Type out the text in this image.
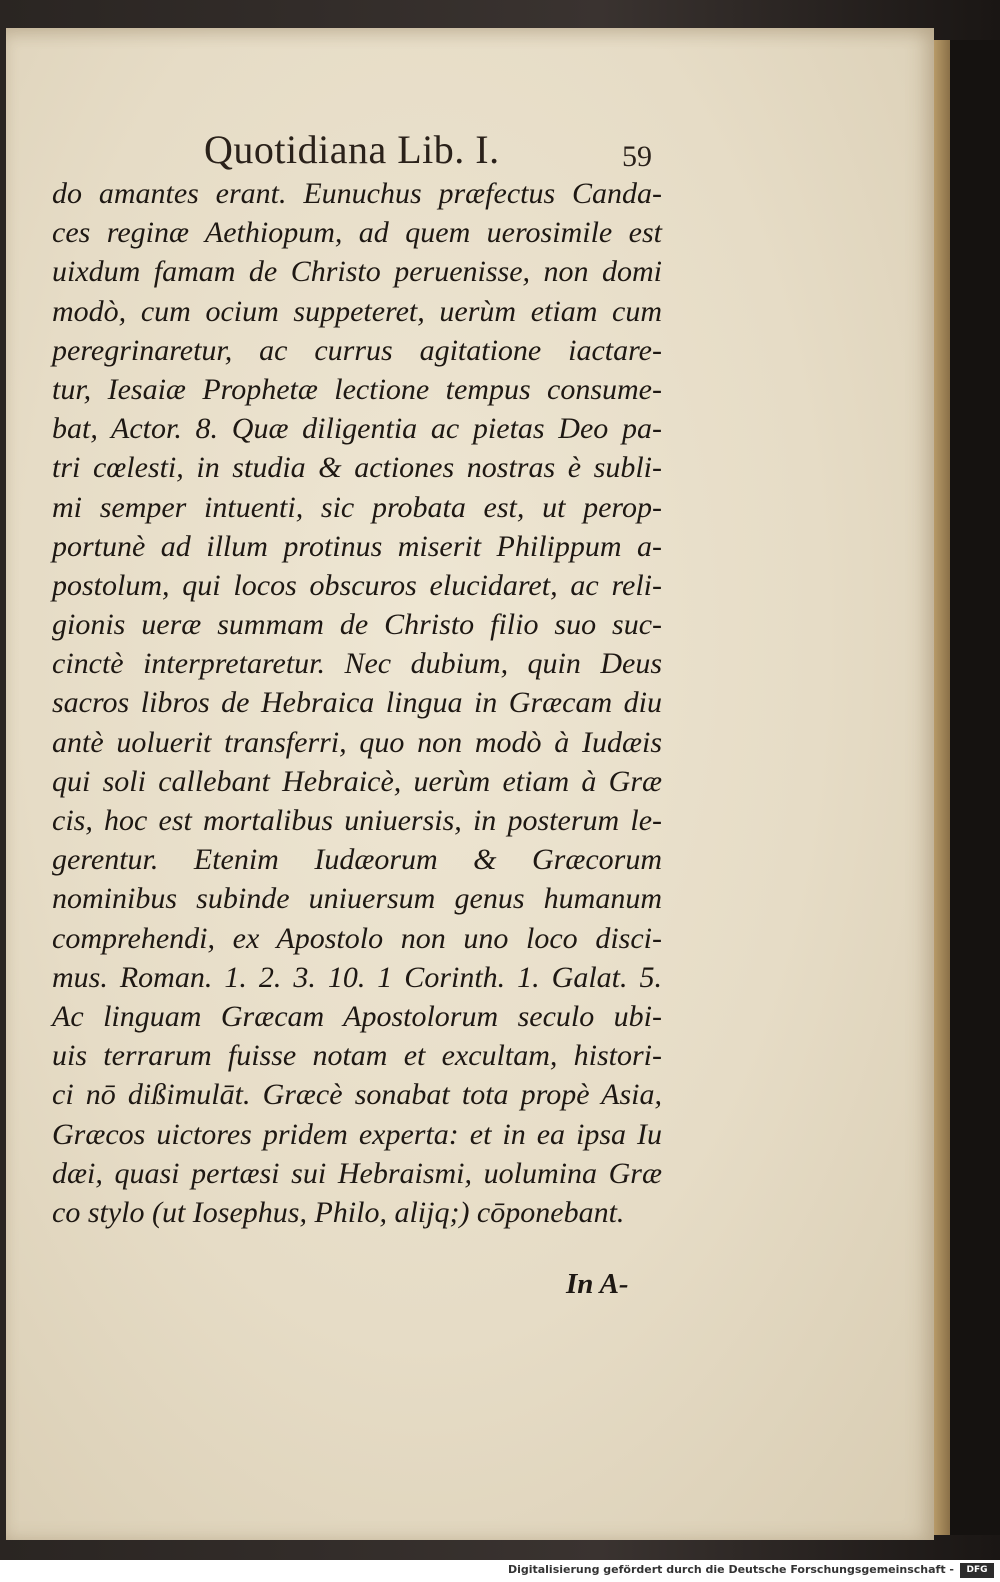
Quotidiana Lib. I.	59

do amantes erant. Eunuchus præfectus Canda-
ces reginæ Aethiopum, ad quem uerosimile est
uixdum famam de Christo peruenisse, non domi
modò, cum ocium suppeteret, uerùm etiam cum
peregrinaretur, ac currus agitatione iactare-
tur, Iesaiæ Prophetæ lectione tempus consume-
bat, Actor. 8. Quæ diligentia ac pietas Deo pa-
tri cœlesti, in studia & actiones nostras è subli-
mi semper intuenti, sic probata est, ut perop-
portunè ad illum protinus miserit Philippum a-
postolum, qui locos obscuros elucidaret, ac reli-
gionis ueræ summam de Christo filio suo suc-
cinctè interpretaretur. Nec dubium, quin Deus
sacros libros de Hebraica lingua in Græcam diu
antè uoluerit transferri, quo non modò à Iudæis
qui soli callebant Hebraicè, uerùm etiam à Græ
cis, hoc est mortalibus uniuersis, in posterum le-
gerentur. Etenim Iudæorum & Græcorum
nominibus subinde uniuersum genus humanum
comprehendi, ex Apostolo non uno loco disci-
mus. Roman. 1. 2. 3. 10. 1 Corinth. 1. Galat. 5.
Ac linguam Græcam Apostolorum seculo ubi-
uis terrarum fuisse notam et excultam, histori-
ci nō dißimulāt. Græcè sonabat tota propè Asia,
Græcos uictores pridem experta: et in ea ipsa Iu
dæi, quasi pertæsi sui Hebraismi, uolumina Græ
co stylo (ut Iosephus, Philo, alijq;) cōponebant.

In A-

Digitalisierung gefördert durch die Deutsche Forschungsgemeinschaft -	DFG
